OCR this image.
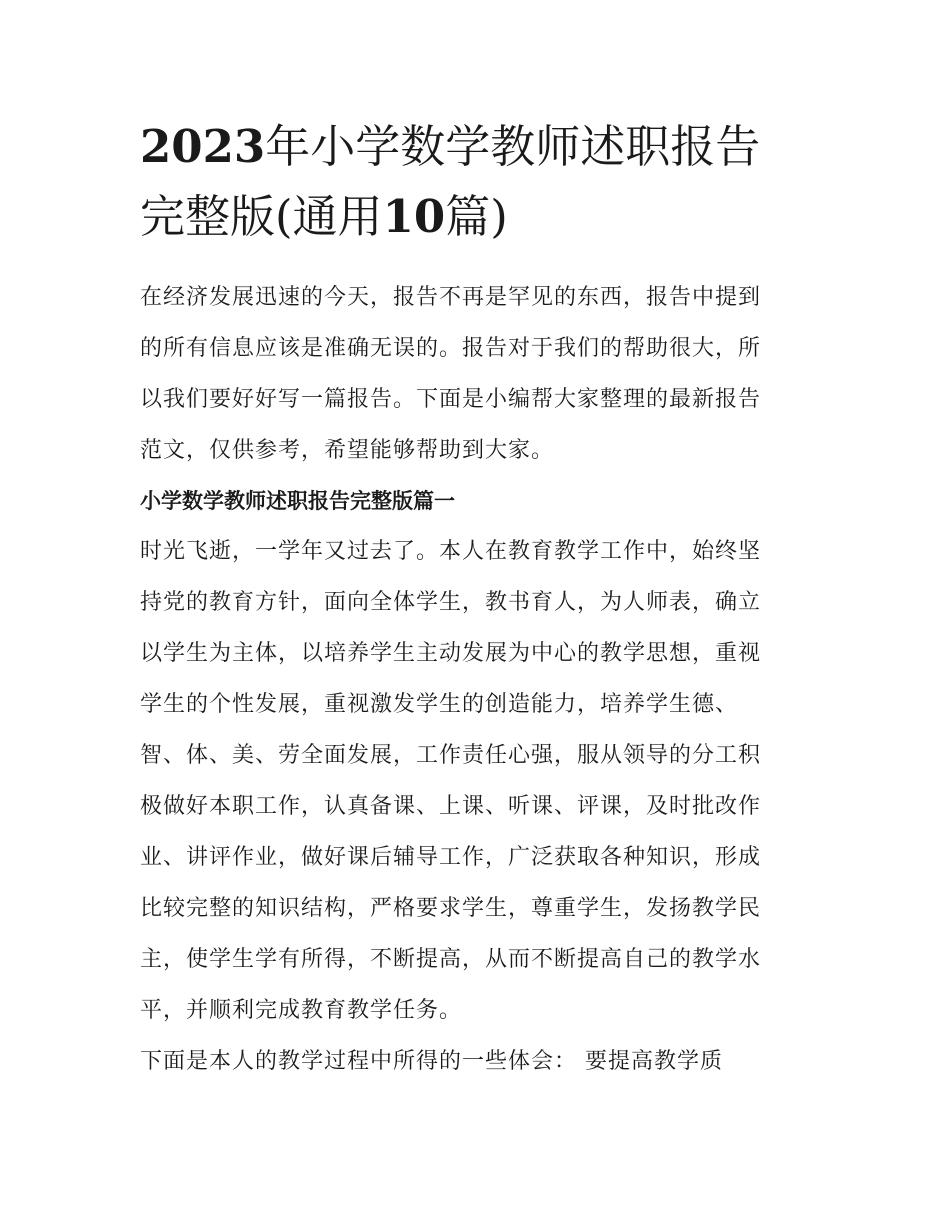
2023年小学数学教师述职报告
完整版(通用10篇)

在经济发展迅速的今天，报告不再是罕见的东西，报告中提到
的所有信息应该是准确无误的。报告对于我们的帮助很大，所
以我们要好好写一篇报告。下面是小编帮大家整理的最新报告
范文，仅供参考，希望能够帮助到大家。

小学数学教师述职报告完整版篇一

时光飞逝，一学年又过去了。本人在教育教学工作中，始终坚
持党的教育方针，面向全体学生，教书育人，为人师表，确立
以学生为主体，以培养学生主动发展为中心的教学思想，重视
学生的个性发展，重视激发学生的创造能力，培养学生德、
智、体、美、劳全面发展，工作责任心强，服从领导的分工积
极做好本职工作，认真备课、上课、听课、评课，及时批改作
业、讲评作业，做好课后辅导工作，广泛获取各种知识，形成
比较完整的知识结构，严格要求学生，尊重学生，发扬教学民
主，使学生学有所得，不断提高，从而不断提高自己的教学水
平，并顺利完成教育教学任务。

下面是本人的教学过程中所得的一些体会： 要提高教学质
